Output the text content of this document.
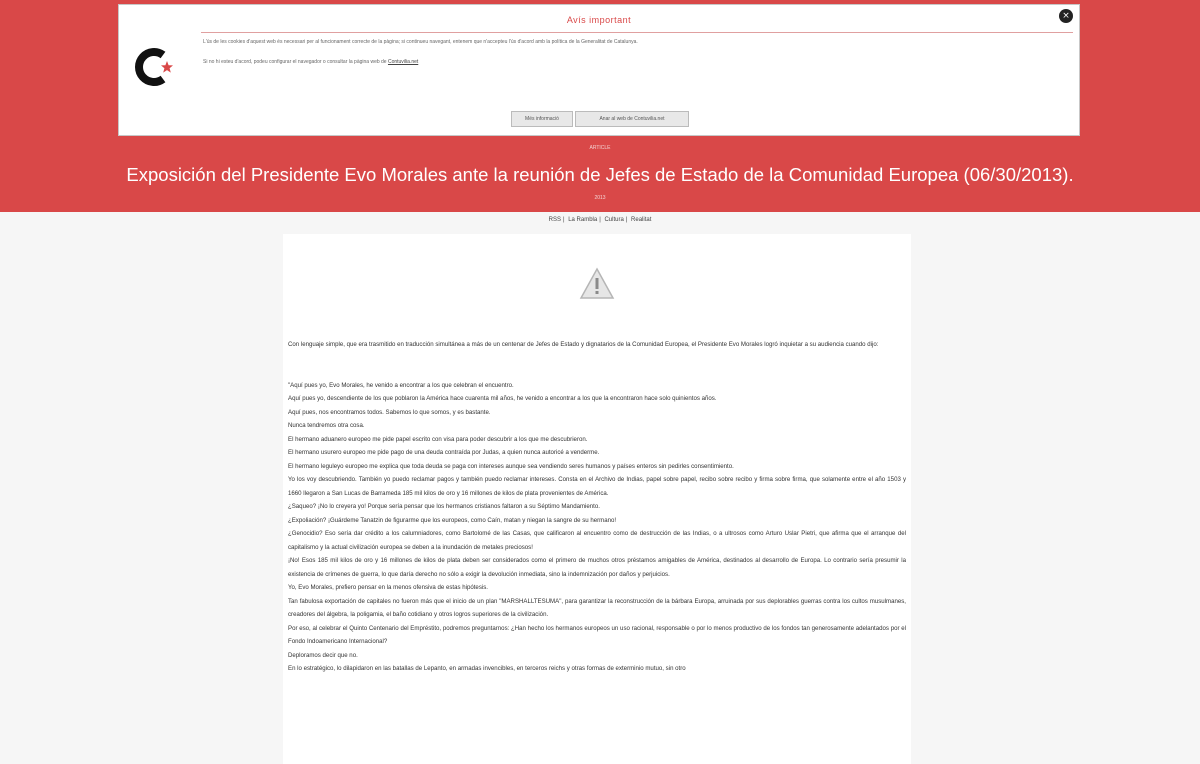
Avís important	×
L'ús de les cookies d'aquest web és necessari per al funcionament correcte de la pàgina; si continueu navegant, entenem que n'accepteu l'ús d'acord amb la política de la Generalitat de Catalunya.
Si no hi esteu d'acord, podeu configurar el navegador o consultar la pàgina web de Contuvilia.net
Més informació	Anar al web de Contuvilia.net
ARTICLE
Exposición del Presidente Evo Morales ante la reunión de Jefes de Estado de la Comunidad Europea (06/30/2013).
2013
RSS | La Rambla | Cultura | Realitat

Con lenguaje simple, que era trasmitido en traducción simultánea a más de un centenar de Jefes de Estado y dignatarios de la Comunidad Europea, el Presidente Evo Morales logró inquietar a su audiencia cuando dijo:

"Aquí pues yo, Evo Morales, he venido a encontrar a los que celebran el encuentro.

Aquí pues yo, descendiente de los que poblaron la América hace cuarenta mil años, he venido a encontrar a los que la encontraron hace solo quinientos años.

Aquí pues, nos encontramos todos. Sabemos lo que somos, y es bastante.

Nunca tendremos otra cosa.

El hermano aduanero europeo me pide papel escrito con visa para poder descubrir a los que me descubrieron.

El hermano usurero europeo me pide pago de una deuda contraída por Judas, a quien nunca autoricé a venderme.

El hermano leguleyo europeo me explica que toda deuda se paga con intereses aunque sea vendiendo seres humanos y países enteros sin pedirles consentimiento.

Yo los voy descubriendo. También yo puedo reclamar pagos y también puedo reclamar intereses. Consta en el Archivo de Indias, papel sobre papel, recibo sobre recibo y firma sobre firma, que solamente entre el año 1503 y 1660 llegaron a San Lucas de Barrameda 185 mil kilos de oro y 16 millones de kilos de plata provenientes de América.

¿Saqueo? ¡No lo creyera yo! Porque sería pensar que los hermanos cristianos faltaron a su Séptimo Mandamiento.

¿Expoliación? ¡Guárdeme Tanatzin de figurarme que los europeos, como Caín, matan y niegan la sangre de su hermano!

¿Genocidio? Eso sería dar crédito a los calumniadores, como Bartolomé de las Casas, que calificaron al encuentro como de destrucción de las Indias, o a ultrosos como Arturo Uslar Pietri, que afirma que el arranque del capitalismo y la actual civilización europea se deben a la inundación de metales preciosos!

¡No! Esos 185 mil kilos de oro y 16 millones de kilos de plata deben ser considerados como el primero de muchos otros préstamos amigables de América, destinados al desarrollo de Europa. Lo contrario sería presumir la existencia de crímenes de guerra, lo que daría derecho no sólo a exigir la devolución inmediata, sino la indemnización por daños y perjuicios.

Yo, Evo Morales, prefiero pensar en la menos ofensiva de estas hipótesis.

Tan fabulosa exportación de capitales no fueron más que el inicio de un plan "MARSHALLTESUMA", para garantizar la reconstrucción de la bárbara Europa, arruinada por sus deplorables guerras contra los cultos musulmanes, creadores del álgebra, la poligamia, el baño cotidiano y otros logros superiores de la civilización.

Por eso, al celebrar el Quinto Centenario del Empréstito, podremos preguntarnos: ¿Han hecho los hermanos europeos un uso racional, responsable o por lo menos productivo de los fondos tan generosamente adelantados por el Fondo Indoamericano Internacional?

Deploramos decir que no.

En lo estratégico, lo dilapidaron en las batallas de Lepanto, en armadas invencibles, en terceros reichs y otras formas de exterminio mutuo, sin otro
